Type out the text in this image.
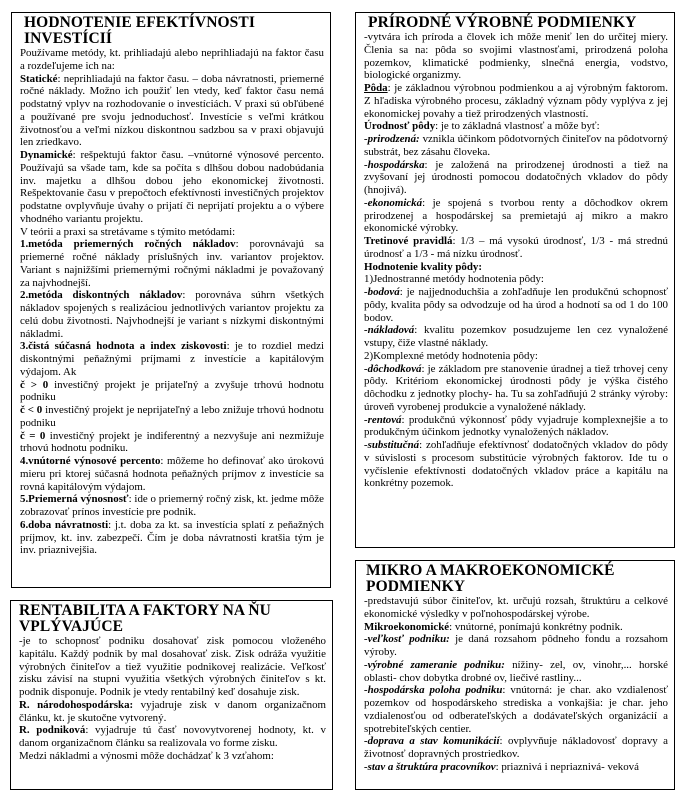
HODNOTENIE EFEKTÍVNOSTI INVESTÍCIÍ

Používame metódy, kt. prihliadajú alebo neprihliadajú na faktor času a rozdeľujeme ich na:

Statické: neprihliadajú na faktor času. – doba návratnosti, priemerné ročné náklady. Možno ich použiť len vtedy, keď faktor času nemá podstatný vplyv na rozhodovanie o investíciách. V praxi sú obľúbené a používané pre svoju jednoduchosť. Investície s veľmi krátkou životnosťou a veľmi nízkou diskontnou sadzbou sa v praxi objavujú len zriedkavo.

Dynamické: rešpektujú faktor času. –vnútorné výnosové percento. Používajú sa všade tam, kde sa počíta s dlhšou dobou nadobúdania inv. majetku a dlhšou dobou jeho ekonomickej životnosti. Rešpektovanie času v prepočtoch efektívnosti investičných projektov podstatne ovplyvňuje úvahy o prijatí či neprijatí projektu a o výbere vhodného variantu projektu.

V teórii a praxi sa stretávame s týmito metódami:

1.metóda priemerných ročných nákladov: porovnávajú sa priemerné ročné náklady príslušných inv. variantov projektov. Variant s najnižšími priemernými ročnými nákladmi je považovaný za najvhodnejší.

2.metóda diskontných nákladov: porovnáva súhrn všetkých nákladov spojených s realizáciou jednotlivých variantov projektu za celú dobu životnosti. Najvhodnejší je variant s nízkymi diskontnými nákladmi.

3.čistá súčasná hodnota a index ziskovosti: je to rozdiel medzi diskontnými peňažnými príjmami z investície a kapitálovým výdajom. Ak

č > 0 investičný projekt je prijateľný a zvyšuje trhovú hodnotu podniku

č < 0 investičný projekt je neprijateľný a lebo znižuje trhovú hodnotu podniku

č = 0 investičný projekt je indiferentný a nezvyšuje ani nezmižuje trhovú hodnotu podniku.

4.vnútorné výnosové percento: môžeme ho definovať ako úrokovú mieru pri ktorej súčasná hodnota peňažných príjmov z investície sa rovná kapitálovým výdajom.

5.Priemerná výnosnosť: ide o priemerný ročný zisk, kt. jedme môže zobrazovať prínos investície pre podnik.

6.doba návratnosti: j.t. doba za kt. sa investícia splatí z peňažných príjmov, kt. inv. zabezpečí. Čím je doba návratnosti kratšia tým je inv. priaznivejšia.

RENTABILITA A FAKTORY NA ŇU VPLÝVAJÚCE

-je to schopnosť podniku dosahovať zisk pomocou vloženého kapitálu. Každý podnik by mal dosahovať zisk. Zisk odráža využitie výrobných činiteľov a tiež využitie podnikovej realizácie. Veľkosť zisku závisí na stupni využitia všetkých výrobných činiteľov s kt. podnik disponuje. Podnik je vtedy rentabilný keď dosahuje zisk.

R. národohospodárska: vyjadruje zisk v danom organizačnom článku, kt. je skutočne vytvorený.

R. podniková: vyjadruje tú časť novovytvorenej hodnoty, kt. v danom organizačnom článku sa realizovala vo forme zisku.

Medzi nákladmi a výnosmi môže dochádzať k 3 vzťahom:

PRÍRODNÉ VÝROBNÉ PODMIENKY

-vytvára ich príroda a človek ich môže meniť len do určitej miery. Členia sa na: pôda so svojimi vlastnosťami, prirodzená poloha pozemkov, klimatické podmienky, slnečná energia, vodstvo, biologické organizmy.

Pôda: je základnou výrobnou podmienkou a aj výrobným faktorom. Z hľadiska výrobného procesu, základný význam pôdy vyplýva z jej ekonomickej povahy a tiež prirodzených vlastností.

Úrodnosť pôdy: je to základná vlastnosť a môže byť:

-prirodzená: vznikla účinkom pôdotvorných činiteľov na pôdotvorný substrát, bez zásahu človeka.

-hospodárska: je založená na prirodzenej úrodnosti a tiež na zvyšovaní jej úrodnosti pomocou dodatočných vkladov do pôdy (hnojivá).

-ekonomická: je spojená s tvorbou renty a dôchodkov okrem prirodzenej a hospodárskej sa premietajú aj mikro a makro ekonomické výrobky.

Tretinové pravidlá: 1/3 – má vysokú úrodnosť, 1/3 - má strednú úrodnosť a 1/3 - má nízku úrodnosť.

Hodnotenie kvality pôdy:

1)Jednostranné metódy hodnotenia pôdy:

-bodová: je najjednoduchšia a zohľadňuje len produkčnú schopnosť pôdy, kvalita pôdy sa odvodzuje od ha úrod a hodnotí sa od 1 do 100 bodov.

-nákladová: kvalitu pozemkov posudzujeme len cez vynaložené vstupy, čiže vlastné náklady.

2)Komplexné metódy hodnotenia pôdy:

-dôchodková: je základom pre stanovenie úradnej a tiež trhovej ceny pôdy. Kritériom ekonomickej úrodnosti pôdy je výška čistého dôchodku z jednotky plochy- ha. Tu sa zohľadňujú 2 stránky výroby: úroveň vyrobenej produkcie a vynaložené náklady.

-rentová: produkčnú výkonnosť pôdy vyjadruje komplexnejšie a to produkčným účinkom jednotky vynaložených nákladov.

-substitučná: zohľadňuje efektívnosť dodatočných vkladov do pôdy v súvislosti s procesom substitúcie výrobných faktorov. Ide tu o vyčíslenie efektívnosti dodatočných vkladov práce a kapitálu na konkrétny pozemok.

MIKRO A MAKROEKONOMICKÉ PODMIENKY

-predstavujú súbor činiteľov, kt. určujú rozsah, štruktúru a celkové ekonomické výsledky v poľnohospodárskej výrobe.

Mikroekonomické: vnútorné, ponímajú konkrétny podnik.

-veľkosť podniku: je daná rozsahom pôdneho fondu a rozsahom výroby.

-výrobné zameranie podniku: nížiny- zel, ov, vinohr,... horské oblasti- chov dobytka drobné ov, liečivé rastliny...

-hospodárska poloha podniku: vnútorná: je char. ako vzdialenosť pozemkov od hospodárskeho strediska a vonkajšia: je char. jeho vzdialenosťou od odberateľských a dodávateľských organizácií a spotrebiteľských centier.

-doprava a stav komunikácií: ovplyvňuje nákladovosť dopravy a životnosť dopravných prostriedkov.

-stav a štruktúra pracovníkov: priaznivá i nepriaznivá- veková
